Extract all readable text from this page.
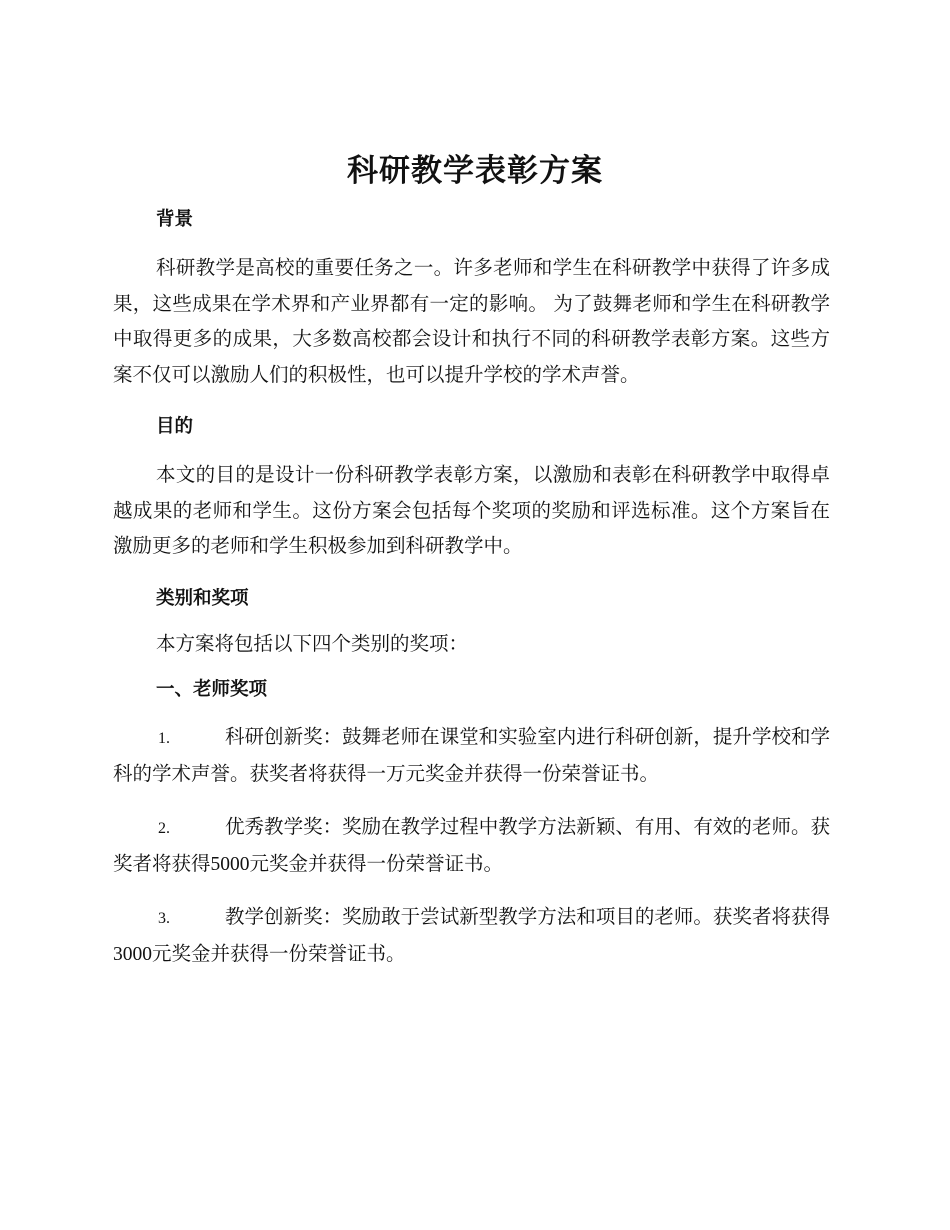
科研教学表彰方案
背景

科研教学是高校的重要任务之一。许多老师和学生在科研教学中获得了许多成果，这些成果在学术界和产业界都有一定的影响。 为了鼓舞老师和学生在科研教学中取得更多的成果，大多数高校都会设计和执行不同的科研教学表彰方案。这些方案不仅可以激励人们的积极性，也可以提升学校的学术声誉。

目的

本文的目的是设计一份科研教学表彰方案，以激励和表彰在科研教学中取得卓越成果的老师和学生。这份方案会包括每个奖项的奖励和评选标准。这个方案旨在激励更多的老师和学生积极参加到科研教学中。

类别和奖项

本方案将包括以下四个类别的奖项：

一、老师奖项

1.	科研创新奖：鼓舞老师在课堂和实验室内进行科研创新，提升学校和学科的学术声誉。获奖者将获得一万元奖金并获得一份荣誉证书。

2.	优秀教学奖：奖励在教学过程中教学方法新颖、有用、有效的老师。获奖者将获得5000元奖金并获得一份荣誉证书。

3.	教学创新奖：奖励敢于尝试新型教学方法和项目的老师。获奖者将获得3000元奖金并获得一份荣誉证书。
